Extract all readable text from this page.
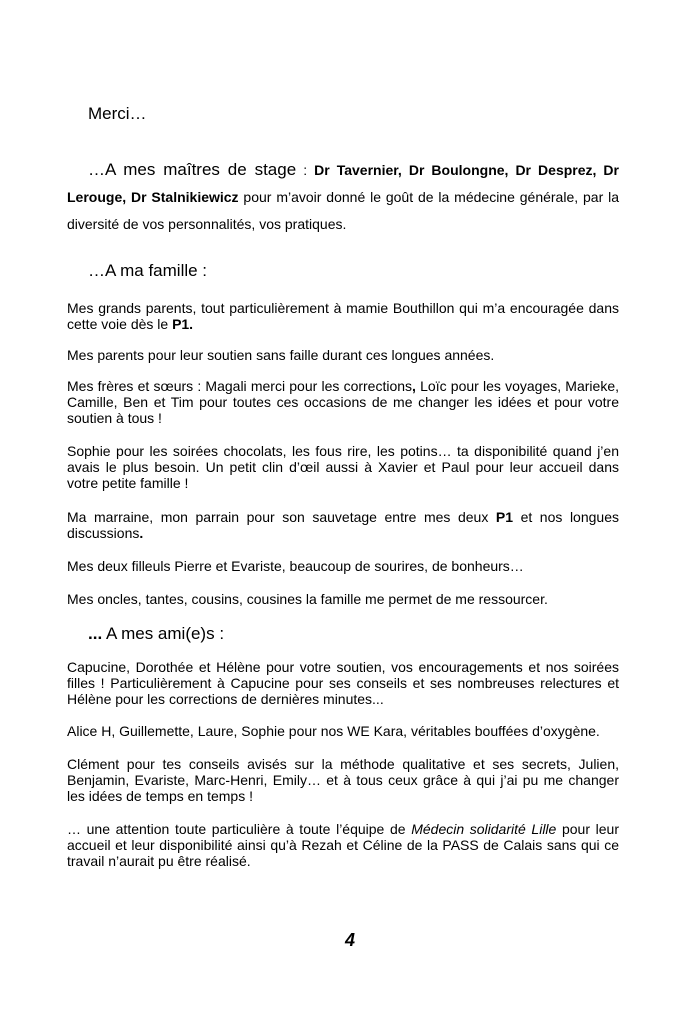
Merci…

…A mes maîtres de stage : Dr Tavernier, Dr Boulongne, Dr Desprez, Dr Lerouge, Dr Stalnikiewicz pour m’avoir donné le goût de la médecine générale, par la diversité de vos personnalités, vos pratiques.

…A ma famille :

Mes grands parents, tout particulièrement à mamie Bouthillon qui m’a encouragée dans cette voie dès le P1.

Mes parents pour leur soutien sans faille durant ces longues années.

Mes frères et sœurs : Magali merci pour les corrections, Loïc pour les voyages, Marieke, Camille, Ben et Tim pour toutes ces occasions de me changer les idées et pour votre soutien à tous !

Sophie pour les soirées chocolats, les fous rire, les potins… ta disponibilité quand j’en avais le plus besoin. Un petit clin d’œil aussi à Xavier et Paul pour leur accueil dans votre petite famille !

Ma marraine, mon parrain pour son sauvetage entre mes deux P1 et nos longues discussions.

Mes deux filleuls Pierre et Evariste, beaucoup de sourires, de bonheurs…

Mes oncles, tantes, cousins, cousines la famille me permet de me ressourcer.

... A mes ami(e)s :

Capucine, Dorothée et Hélène pour votre soutien, vos encouragements et nos soirées filles ! Particulièrement à Capucine pour ses conseils et ses nombreuses relectures et Hélène pour les corrections de dernières minutes...

Alice H, Guillemette, Laure, Sophie pour nos WE Kara, véritables bouffées d’oxygène.

Clément pour tes conseils avisés sur la méthode qualitative et ses secrets, Julien, Benjamin, Evariste, Marc-Henri, Emily… et à tous ceux grâce à qui j’ai pu me changer les idées de temps en temps !

… une attention toute particulière à toute l’équipe de Médecin solidarité Lille pour leur accueil et leur disponibilité ainsi qu’à Rezah et Céline de la PASS de Calais sans qui ce travail n’aurait pu être réalisé.

4
